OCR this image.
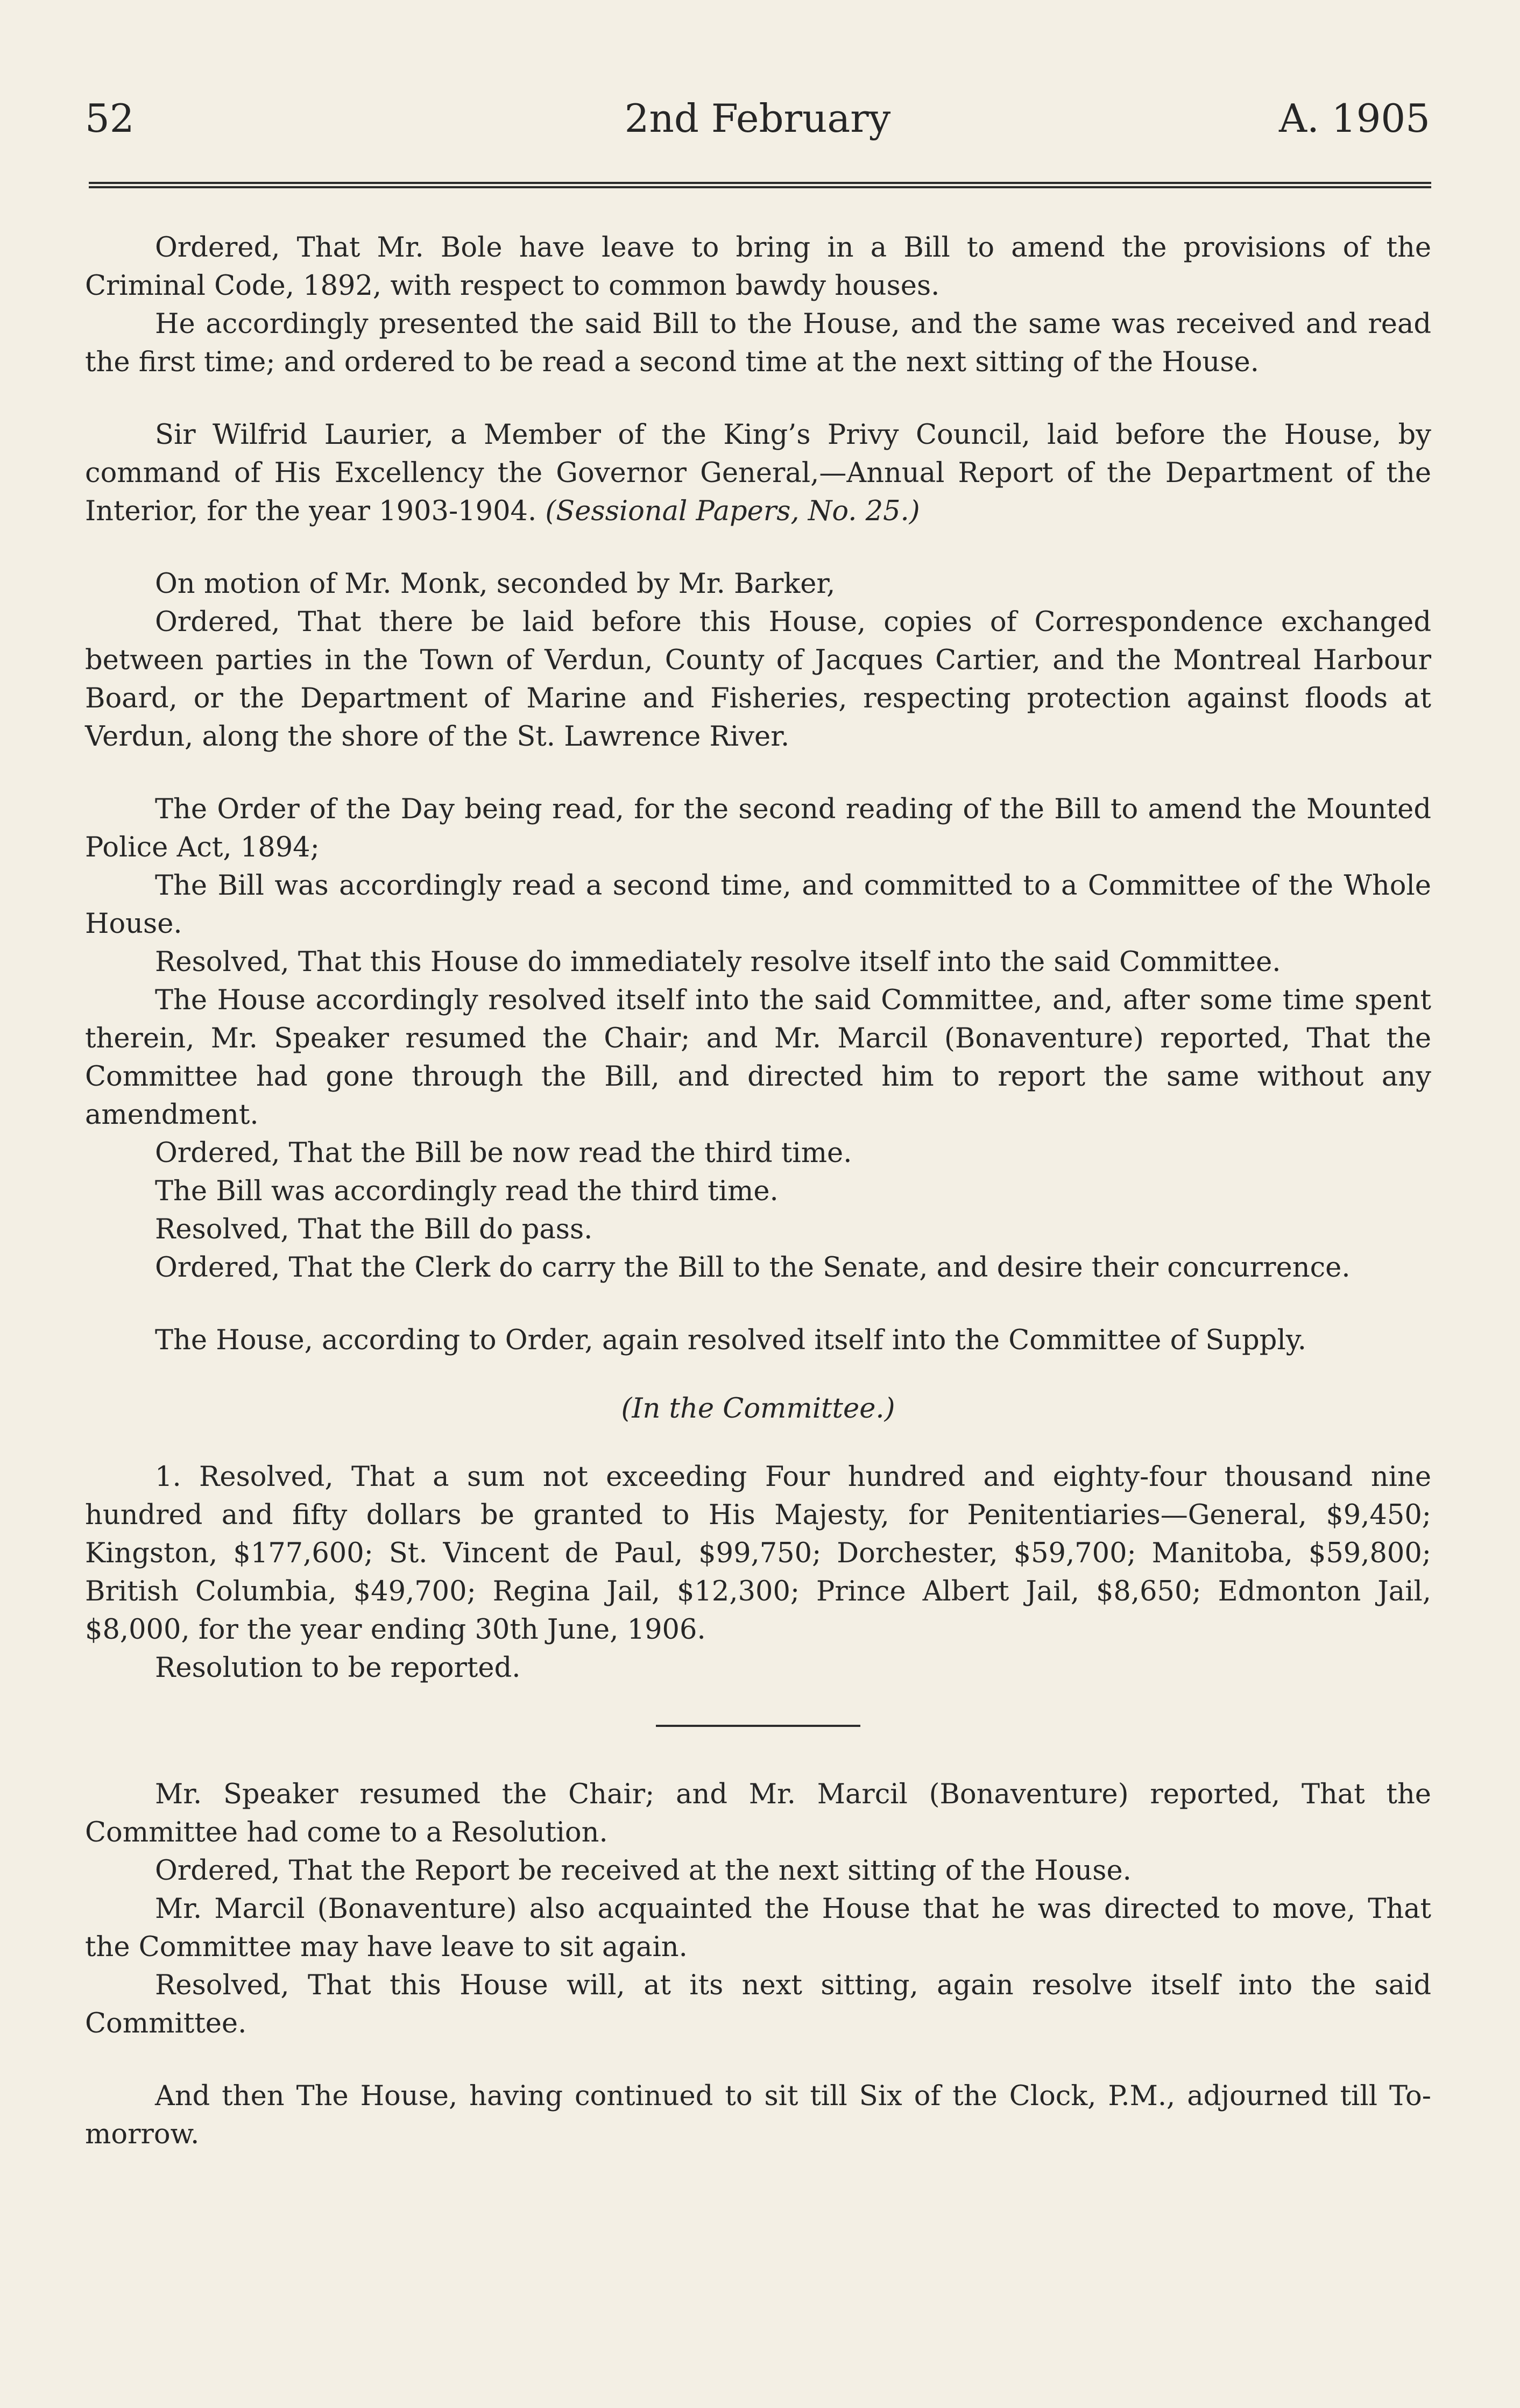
52	2nd February	A. 1905

Ordered, That Mr. Bole have leave to bring in a Bill to amend the provisions of the Criminal Code, 1892, with respect to common bawdy houses.

He accordingly presented the said Bill to the House, and the same was received and read the first time; and ordered to be read a second time at the next sitting of the House.

Sir Wilfrid Laurier, a Member of the King’s Privy Council, laid before the House, by command of His Excellency the Governor General,—Annual Report of the Department of the Interior, for the year 1903-1904. (Sessional Papers, No. 25.)

On motion of Mr. Monk, seconded by Mr. Barker,

Ordered, That there be laid before this House, copies of Correspondence exchanged between parties in the Town of Verdun, County of Jacques Cartier, and the Montreal Harbour Board, or the Department of Marine and Fisheries, respecting protection against floods at Verdun, along the shore of the St. Lawrence River.

The Order of the Day being read, for the second reading of the Bill to amend the Mounted Police Act, 1894;

The Bill was accordingly read a second time, and committed to a Committee of the Whole House.

Resolved, That this House do immediately resolve itself into the said Committee.

The House accordingly resolved itself into the said Committee, and, after some time spent therein, Mr. Speaker resumed the Chair; and Mr. Marcil (Bonaventure) reported, That the Committee had gone through the Bill, and directed him to report the same without any amendment.

Ordered, That the Bill be now read the third time.

The Bill was accordingly read the third time.

Resolved, That the Bill do pass.

Ordered, That the Clerk do carry the Bill to the Senate, and desire their concurrence.

The House, according to Order, again resolved itself into the Committee of Supply.

(In the Committee.)

1. Resolved, That a sum not exceeding Four hundred and eighty-four thousand nine hundred and fifty dollars be granted to His Majesty, for Penitentiaries—General, $9,450; Kingston, $177,600; St. Vincent de Paul, $99,750; Dorchester, $59,700; Manitoba, $59,800; British Columbia, $49,700; Regina Jail, $12,300; Prince Albert Jail, $8,650; Edmonton Jail, $8,000, for the year ending 30th June, 1906.

Resolution to be reported.

Mr. Speaker resumed the Chair; and Mr. Marcil (Bonaventure) reported, That the Committee had come to a Resolution.

Ordered, That the Report be received at the next sitting of the House.

Mr. Marcil (Bonaventure) also acquainted the House that he was directed to move, That the Committee may have leave to sit again.

Resolved, That this House will, at its next sitting, again resolve itself into the said Committee.

And then The House, having continued to sit till Six of the Clock, P.M., adjourned till To-morrow.
